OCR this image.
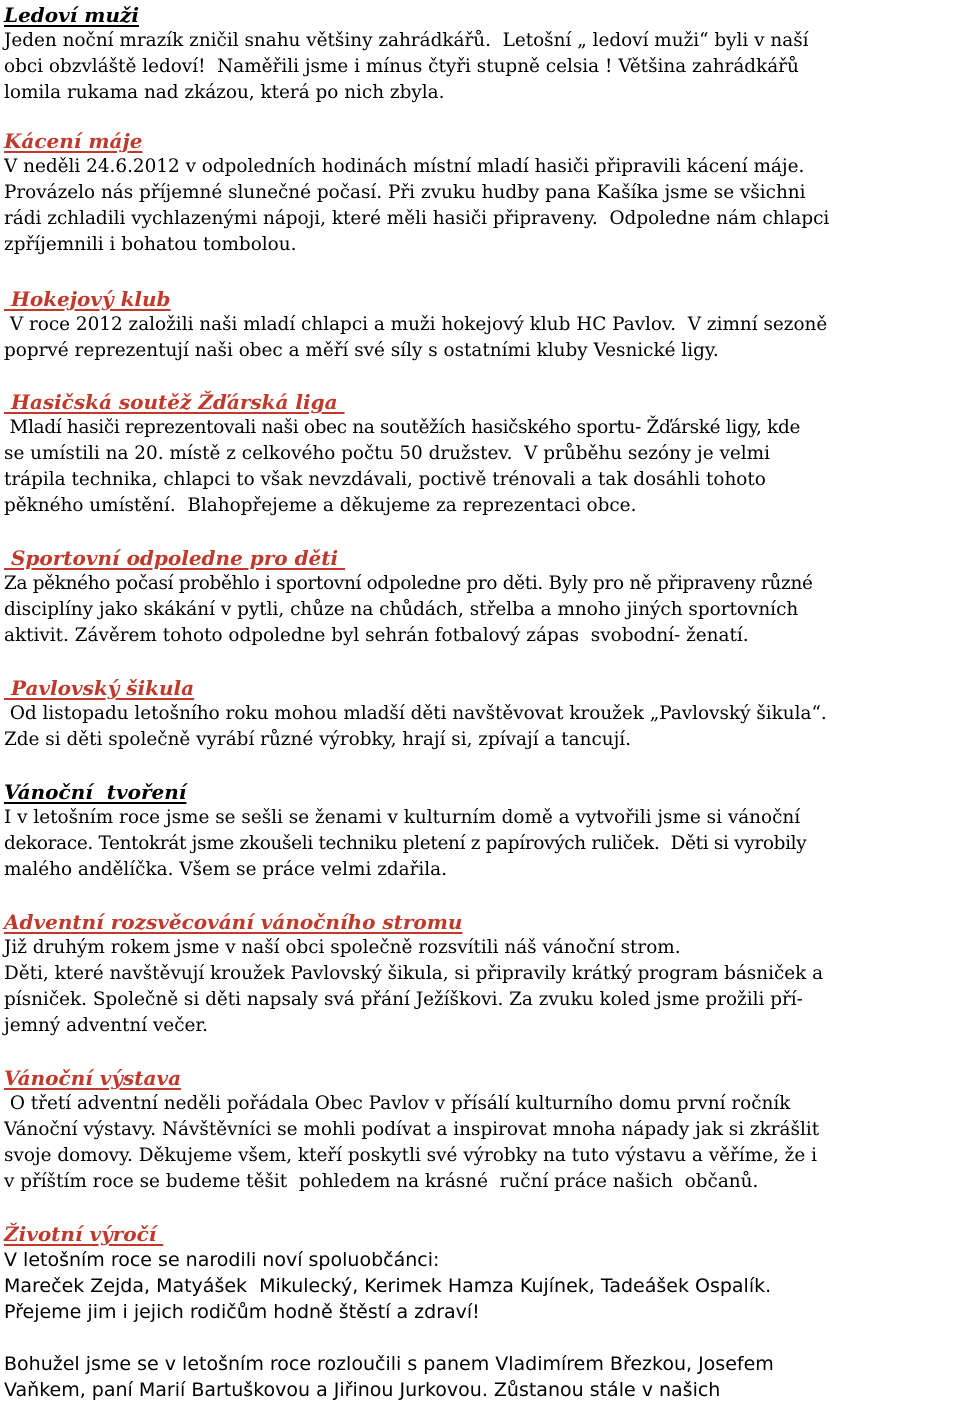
Ledoví muži
Jeden noční mrazík zničil snahu většiny zahrádkářů.  Letošní „ ledoví muži“ byli v naší
obci obzvláště ledoví!  Naměřili jsme i mínus čtyři stupně celsia ! Většina zahrádkářů
lomila rukama nad zkázou, která po nich zbyla.
Kácení máje
V neděli 24.6.2012 v odpoledních hodinách místní mladí hasiči připravili kácení máje.
Provázelo nás příjemné slunečné počasí. Při zvuku hudby pana Kašíka jsme se všichni
rádi zchladili vychlazenými nápoji, které měli hasiči připraveny.  Odpoledne nám chlapci
zpříjemnili i bohatou tombolou.
Hokejový klub
V roce 2012 založili naši mladí chlapci a muži hokejový klub HC Pavlov.  V zimní sezoně
poprvé reprezentují naši obec a měří své síly s ostatními kluby Vesnické ligy.
Hasičská soutěž Žďárská liga
Mladí hasiči reprezentovali naši obec na soutěžích hasičského sportu- Žďárské ligy, kde
se umístili na 20. místě z celkového počtu 50 družstev.  V průběhu sezóny je velmi
trápila technika, chlapci to však nevzdávali, poctivě trénovali a tak dosáhli tohoto
pěkného umístění.  Blahopřejeme a děkujeme za reprezentaci obce.
Sportovní odpoledne pro děti
Za pěkného počasí proběhlo i sportovní odpoledne pro děti. Byly pro ně připraveny různé
disciplíny jako skákání v pytli, chůze na chůdách, střelba a mnoho jiných sportovních
aktivit. Závěrem tohoto odpoledne byl sehrán fotbalový zápas  svobodní- ženatí.
Pavlovský šikula
Od listopadu letošního roku mohou mladší děti navštěvovat kroužek „Pavlovský šikula“.
Zde si děti společně vyrábí různé výrobky, hrají si, zpívají a tancují.
Vánoční  tvoření
I v letošním roce jsme se sešli se ženami v kulturním domě a vytvořili jsme si vánoční
dekorace. Tentokrát jsme zkoušeli techniku pletení z papírových ruliček.  Děti si vyrobily
malého andělíčka. Všem se práce velmi zdařila.
Adventní rozsvěcování vánočního stromu
Již druhým rokem jsme v naší obci společně rozsvítili náš vánoční strom.
Děti, které navštěvují kroužek Pavlovský šikula, si připravily krátký program básniček a
písniček. Společně si děti napsaly svá přání Ježíškovi. Za zvuku koled jsme prožili pří-
jemný adventní večer.
Vánoční výstava
O třetí adventní neděli pořádala Obec Pavlov v přísálí kulturního domu první ročník
Vánoční výstavy. Návštěvníci se mohli podívat a inspirovat mnoha nápady jak si zkrášlit
svoje domovy. Děkujeme všem, kteří poskytli své výrobky na tuto výstavu a věříme, že i
v příštím roce se budeme těšit  pohledem na krásné  ruční práce našich  občanů.
Životní výročí
V letošním roce se narodili noví spoluobčánci:
Mareček Zejda, Matyášek  Mikulecký, Kerimek Hamza Kujínek, Tadeášek Ospalík.
Přejeme jim i jejich rodičům hodně štěstí a zdraví!
Bohužel jsme se v letošním roce rozloučili s panem Vladimírem Březkou, Josefem
Vaňkem, paní Marií Bartuškovou a Jiřinou Jurkovou. Zůstanou stále v našich
